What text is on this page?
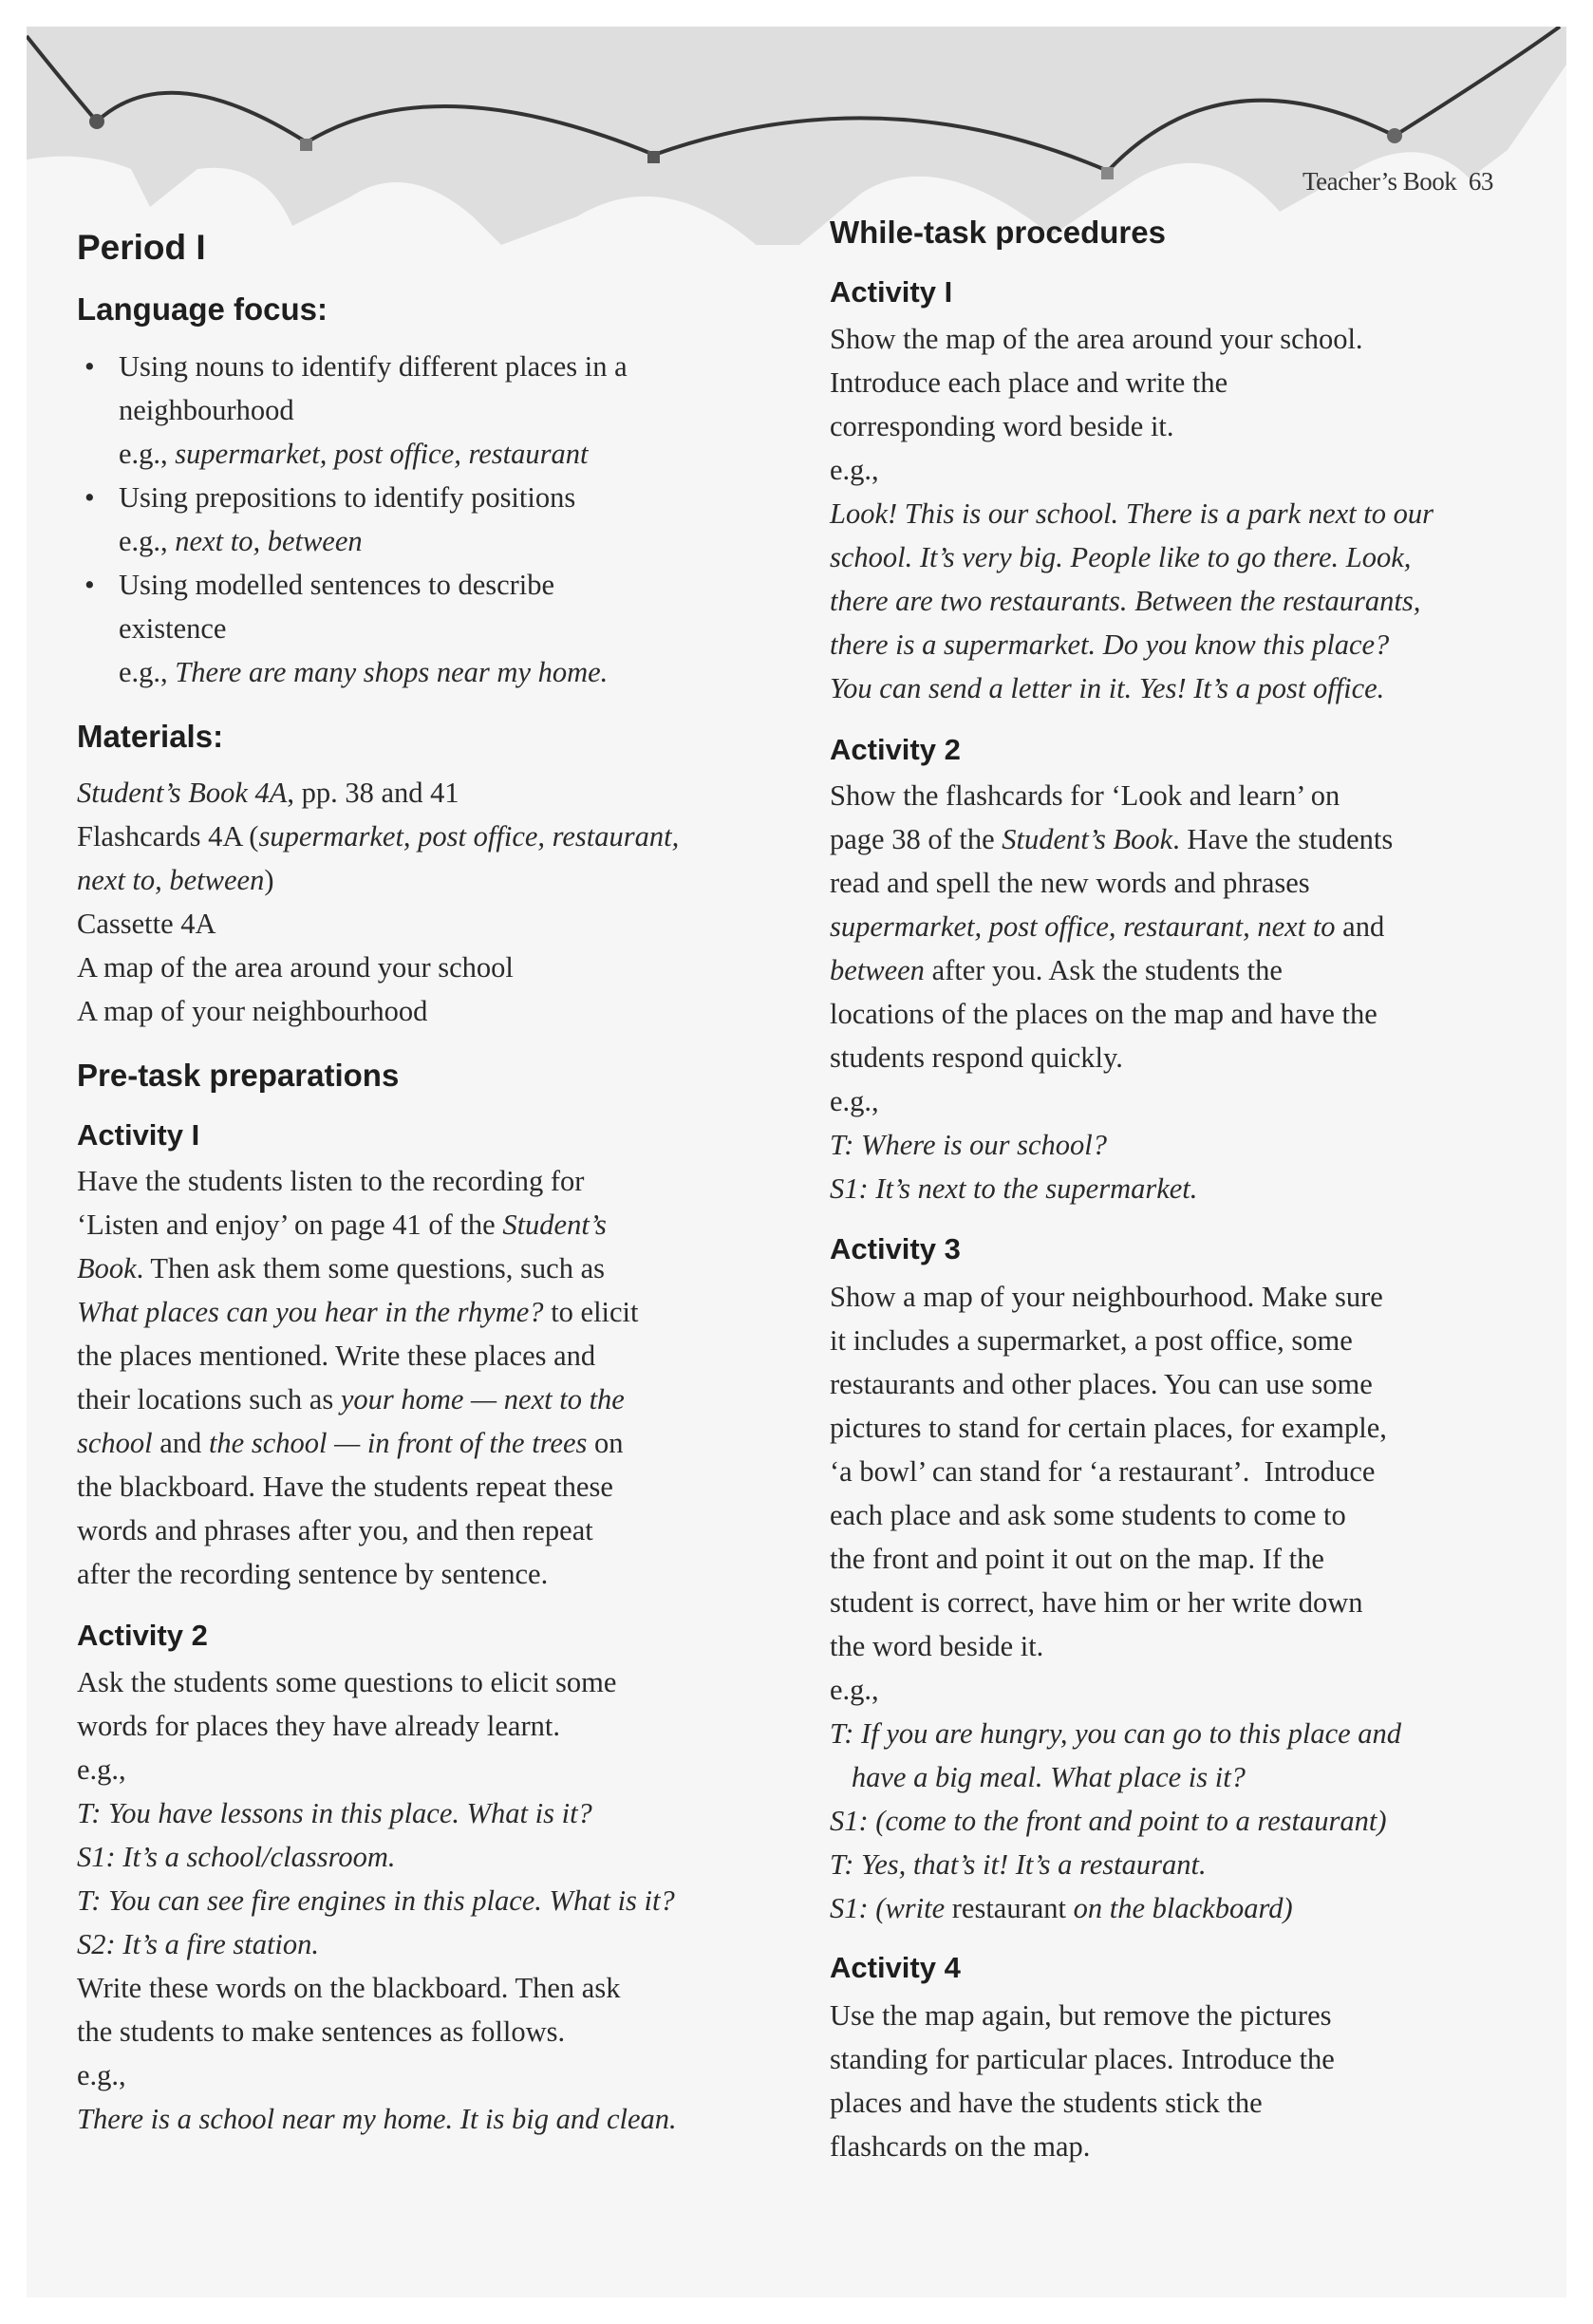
Teacher’s Book 63
Period I
Language focus:
• Using nouns to identify different places in a
neighbourhood
e.g., supermarket, post office, restaurant
• Using prepositions to identify positions
e.g., next to, between
• Using modelled sentences to describe
existence
e.g., There are many shops near my home.
Materials:
Student’s Book 4A, pp. 38 and 41
Flashcards 4A (supermarket, post office, restaurant,
next to, between)
Cassette 4A
A map of the area around your school
A map of your neighbourhood
Pre-task preparations
Activity I
Have the students listen to the recording for
‘Listen and enjoy’ on page 41 of the Student’s
Book. Then ask them some questions, such as
What places can you hear in the rhyme? to elicit
the places mentioned. Write these places and
their locations such as your home — next to the
school and the school — in front of the trees on
the blackboard. Have the students repeat these
words and phrases after you, and then repeat
after the recording sentence by sentence.
Activity 2
Ask the students some questions to elicit some
words for places they have already learnt.
e.g.,
T: You have lessons in this place. What is it?
S1: It’s a school/classroom.
T: You can see fire engines in this place. What is it?
S2: It’s a fire station.
Write these words on the blackboard. Then ask
the students to make sentences as follows.
e.g.,
There is a school near my home. It is big and clean.
While-task procedures
Activity I
Show the map of the area around your school.
Introduce each place and write the
corresponding word beside it.
e.g.,
Look! This is our school. There is a park next to our
school. It’s very big. People like to go there. Look,
there are two restaurants. Between the restaurants,
there is a supermarket. Do you know this place?
You can send a letter in it. Yes! It’s a post office.
Activity 2
Show the flashcards for ‘Look and learn’ on
page 38 of the Student’s Book. Have the students
read and spell the new words and phrases
supermarket, post office, restaurant, next to and
between after you. Ask the students the
locations of the places on the map and have the
students respond quickly.
e.g.,
T: Where is our school?
S1: It’s next to the supermarket.
Activity 3
Show a map of your neighbourhood. Make sure
it includes a supermarket, a post office, some
restaurants and other places. You can use some
pictures to stand for certain places, for example,
‘a bowl’ can stand for ‘a restaurant’.  Introduce
each place and ask some students to come to
the front and point it out on the map. If the
student is correct, have him or her write down
the word beside it.
e.g.,
T: If you are hungry, you can go to this place and
have a big meal. What place is it?
S1: (come to the front and point to a restaurant)
T: Yes, that’s it! It’s a restaurant.
S1: (write restaurant on the blackboard)
Activity 4
Use the map again, but remove the pictures
standing for particular places. Introduce the
places and have the students stick the
flashcards on the map.
